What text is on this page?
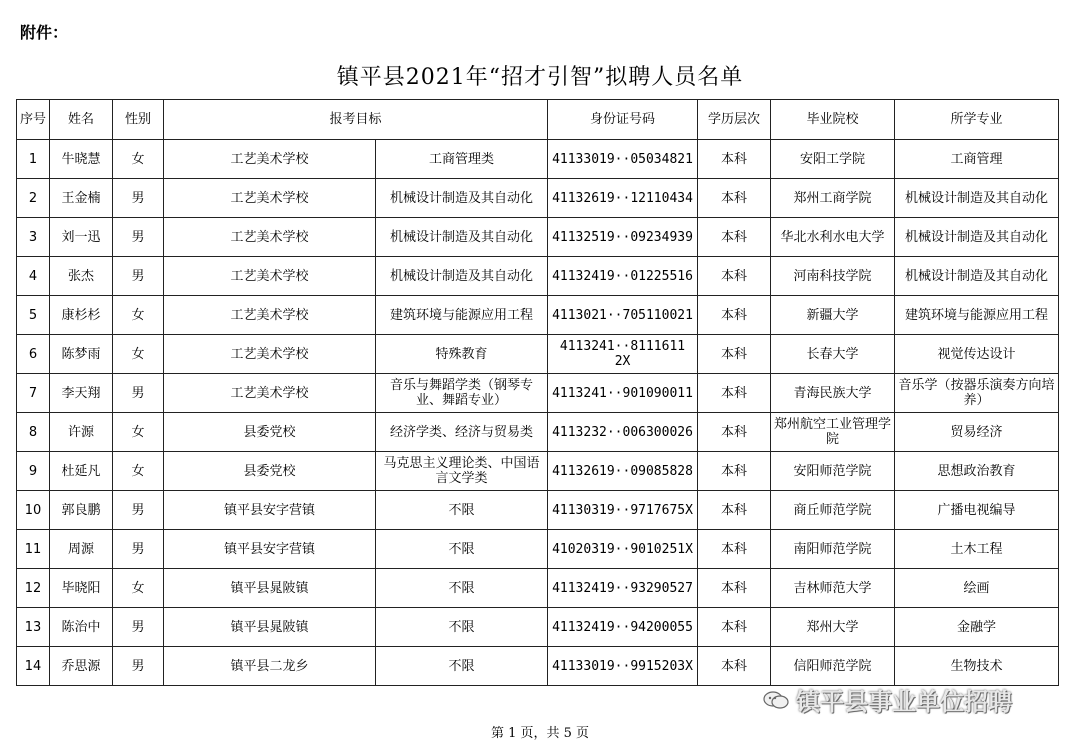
附件：
镇平县2021年“招才引智”拟聘人员名单
序号	姓名	性别	报考目标		身份证号码	学历层次	毕业院校	所学专业
1	牛晓慧	女	工艺美术学校	工商管理类	41133019··05034821	本科	安阳工学院	工商管理
2	王金楠	男	工艺美术学校	机械设计制造及其自动化	41132619··12110434	本科	郑州工商学院	机械设计制造及其自动化
3	刘一迅	男	工艺美术学校	机械设计制造及其自动化	41132519··09234939	本科	华北水利水电大学	机械设计制造及其自动化
4	张杰	男	工艺美术学校	机械设计制造及其自动化	41132419··01225516	本科	河南科技学院	机械设计制造及其自动化
5	康杉杉	女	工艺美术学校	建筑环境与能源应用工程	4113021··705110021	本科	新疆大学	建筑环境与能源应用工程
6	陈梦雨	女	工艺美术学校	特殊教育	4113241··8111611 2X	本科	长春大学	视觉传达设计
7	李天翔	男	工艺美术学校	音乐与舞蹈学类（钢琴专业、舞蹈专业）	4113241··901090011	本科	青海民族大学	音乐学（按器乐演奏方向培养）
8	许源	女	县委党校	经济学类、经济与贸易类	4113232··006300026	本科	郑州航空工业管理学院	贸易经济
9	杜延凡	女	县委党校	马克思主义理论类、中国语言文学类	41132619··09085828	本科	安阳师范学院	思想政治教育
10	郭良鹏	男	镇平县安字营镇	不限	41130319··9717675X	本科	商丘师范学院	广播电视编导
11	周源	男	镇平县安字营镇	不限	41020319··9010251X	本科	南阳师范学院	土木工程
12	毕晓阳	女	镇平县晁陂镇	不限	41132419··93290527	本科	吉林师范大学	绘画
13	陈治中	男	镇平县晁陂镇	不限	41132419··94200055	本科	郑州大学	金融学
14	乔思源	男	镇平县二龙乡	不限	41133019··9915203X	本科	信阳师范学院	生物技术
镇平县事业单位招聘
第 1 页，共 5 页
